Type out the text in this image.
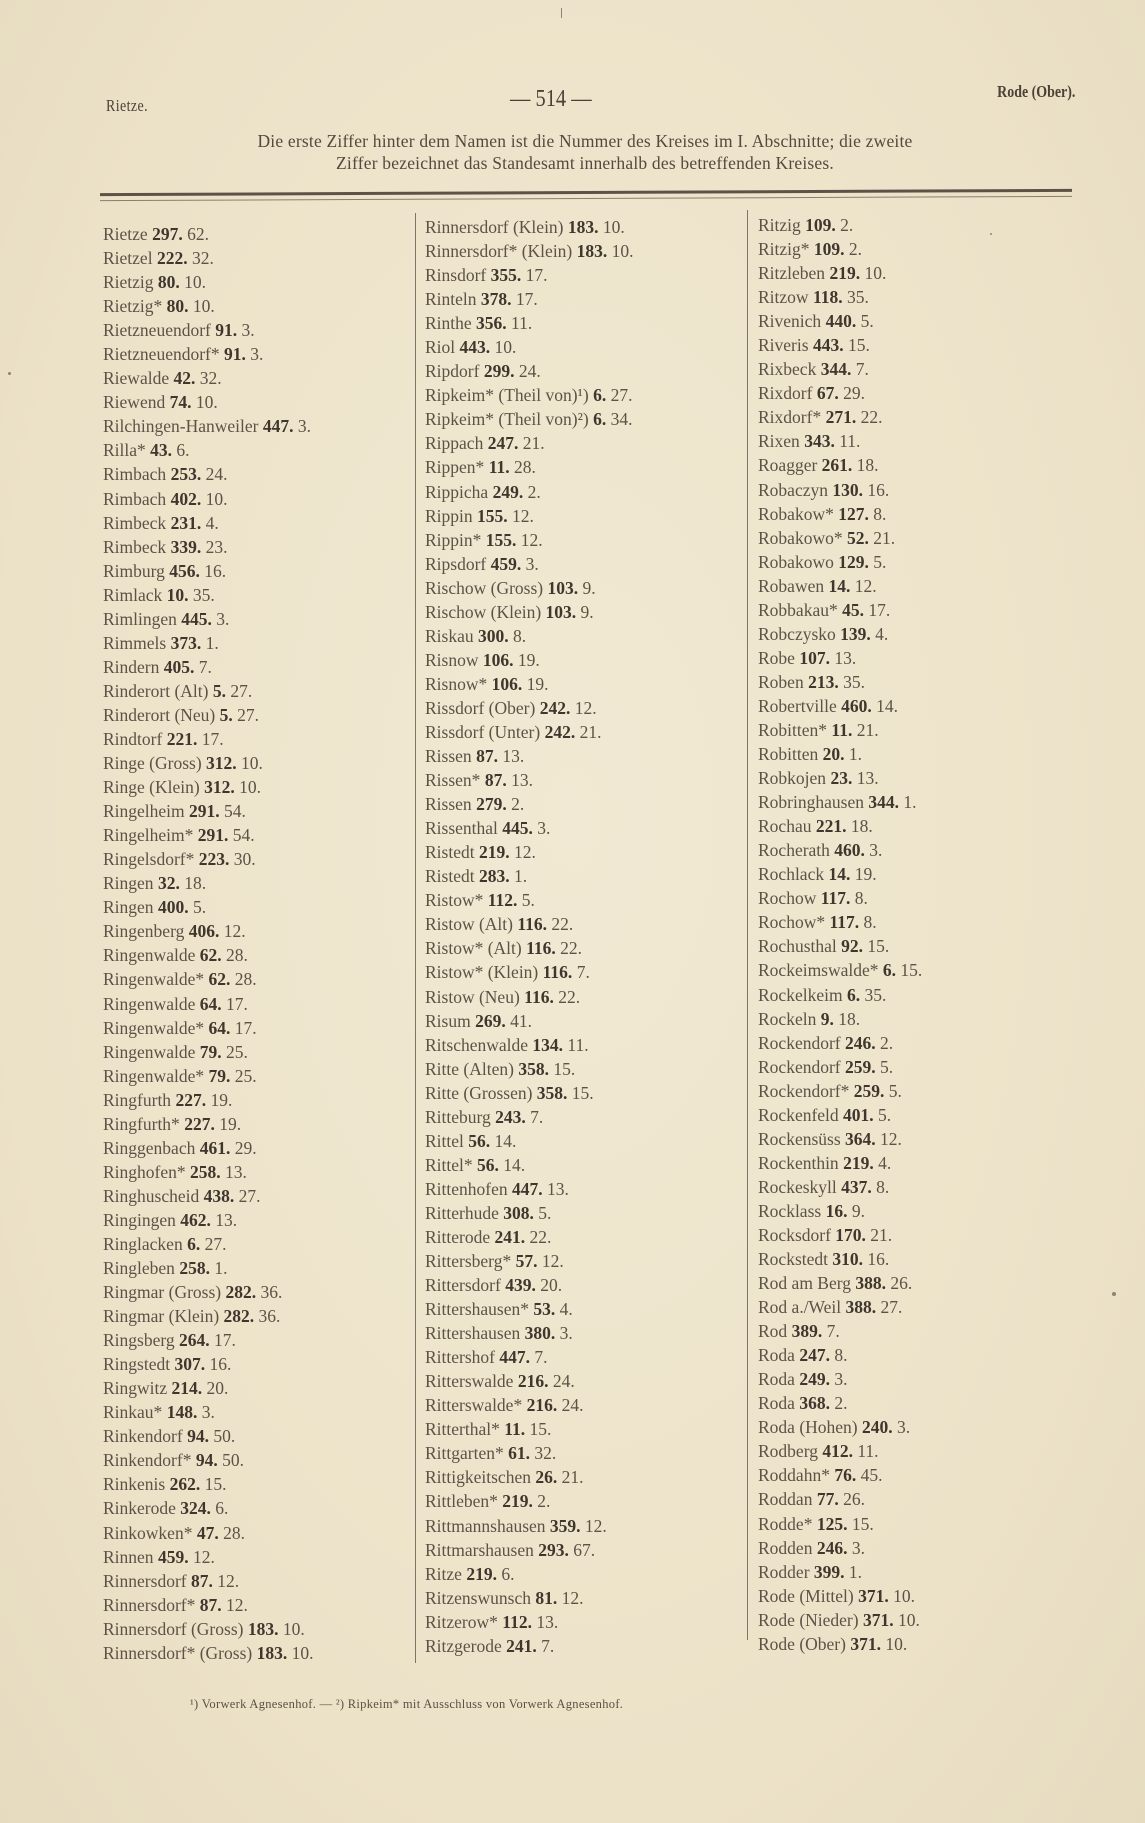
Rietze.	— 514 —	Rode (Ober).
Die erste Ziffer hinter dem Namen ist die Nummer des Kreises im I. Abschnitte; die zweite
Ziffer bezeichnet das Standesamt innerhalb des betreffenden Kreises.
Rietze 297. 62.
Rietzel 222. 32.
Rietzig 80. 10.
Rietzig* 80. 10.
Rietzneuendorf 91. 3.
Rietzneuendorf* 91. 3.
Riewalde 42. 32.
Riewend 74. 10.
Rilchingen-Hanweiler 447. 3.
Rilla* 43. 6.
Rimbach 253. 24.
Rimbach 402. 10.
Rimbeck 231. 4.
Rimbeck 339. 23.
Rimburg 456. 16.
Rimlack 10. 35.
Rimlingen 445. 3.
Rimmels 373. 1.
Rindern 405. 7.
Rinderort (Alt) 5. 27.
Rinderort (Neu) 5. 27.
Rindtorf 221. 17.
Ringe (Gross) 312. 10.
Ringe (Klein) 312. 10.
Ringelheim 291. 54.
Ringelheim* 291. 54.
Ringelsdorf* 223. 30.
Ringen 32. 18.
Ringen 400. 5.
Ringenberg 406. 12.
Ringenwalde 62. 28.
Ringenwalde* 62. 28.
Ringenwalde 64. 17.
Ringenwalde* 64. 17.
Ringenwalde 79. 25.
Ringenwalde* 79. 25.
Ringfurth 227. 19.
Ringfurth* 227. 19.
Ringgenbach 461. 29.
Ringhofen* 258. 13.
Ringhuscheid 438. 27.
Ringingen 462. 13.
Ringlacken 6. 27.
Ringleben 258. 1.
Ringmar (Gross) 282. 36.
Ringmar (Klein) 282. 36.
Ringsberg 264. 17.
Ringstedt 307. 16.
Ringwitz 214. 20.
Rinkau* 148. 3.
Rinkendorf 94. 50.
Rinkendorf* 94. 50.
Rinkenis 262. 15.
Rinkerode 324. 6.
Rinkowken* 47. 28.
Rinnen 459. 12.
Rinnersdorf 87. 12.
Rinnersdorf* 87. 12.
Rinnersdorf (Gross) 183. 10.
Rinnersdorf* (Gross) 183. 10.
Rinnersdorf (Klein) 183. 10.
Rinnersdorf* (Klein) 183. 10.
Rinsdorf 355. 17.
Rinteln 378. 17.
Rinthe 356. 11.
Riol 443. 10.
Ripdorf 299. 24.
Ripkeim* (Theil von)¹) 6. 27.
Ripkeim* (Theil von)²) 6. 34.
Rippach 247. 21.
Rippen* 11. 28.
Rippicha 249. 2.
Rippin 155. 12.
Rippin* 155. 12.
Ripsdorf 459. 3.
Rischow (Gross) 103. 9.
Rischow (Klein) 103. 9.
Riskau 300. 8.
Risnow 106. 19.
Risnow* 106. 19.
Rissdorf (Ober) 242. 12.
Rissdorf (Unter) 242. 21.
Rissen 87. 13.
Rissen* 87. 13.
Rissen 279. 2.
Rissenthal 445. 3.
Ristedt 219. 12.
Ristedt 283. 1.
Ristow* 112. 5.
Ristow (Alt) 116. 22.
Ristow* (Alt) 116. 22.
Ristow* (Klein) 116. 7.
Ristow (Neu) 116. 22.
Risum 269. 41.
Ritschenwalde 134. 11.
Ritte (Alten) 358. 15.
Ritte (Grossen) 358. 15.
Ritteburg 243. 7.
Rittel 56. 14.
Rittel* 56. 14.
Rittenhofen 447. 13.
Ritterhude 308. 5.
Ritterode 241. 22.
Rittersberg* 57. 12.
Rittersdorf 439. 20.
Rittershausen* 53. 4.
Rittershausen 380. 3.
Rittershof 447. 7.
Ritterswalde 216. 24.
Ritterswalde* 216. 24.
Ritterthal* 11. 15.
Rittgarten* 61. 32.
Rittigkeitschen 26. 21.
Rittleben* 219. 2.
Rittmannshausen 359. 12.
Rittmarshausen 293. 67.
Ritze 219. 6.
Ritzenswunsch 81. 12.
Ritzerow* 112. 13.
Ritzgerode 241. 7.
Ritzig 109. 2.
Ritzig* 109. 2.
Ritzleben 219. 10.
Ritzow 118. 35.
Rivenich 440. 5.
Riveris 443. 15.
Rixbeck 344. 7.
Rixdorf 67. 29.
Rixdorf* 271. 22.
Rixen 343. 11.
Roagger 261. 18.
Robaczyn 130. 16.
Robakow* 127. 8.
Robakowo* 52. 21.
Robakowo 129. 5.
Robawen 14. 12.
Robbakau* 45. 17.
Robczysko 139. 4.
Robe 107. 13.
Roben 213. 35.
Robertville 460. 14.
Robitten* 11. 21.
Robitten 20. 1.
Robkojen 23. 13.
Robringhausen 344. 1.
Rochau 221. 18.
Rocherath 460. 3.
Rochlack 14. 19.
Rochow 117. 8.
Rochow* 117. 8.
Rochusthal 92. 15.
Rockeimswalde* 6. 15.
Rockelkeim 6. 35.
Rockeln 9. 18.
Rockendorf 246. 2.
Rockendorf 259. 5.
Rockendorf* 259. 5.
Rockenfeld 401. 5.
Rockensüss 364. 12.
Rockenthin 219. 4.
Rockeskyll 437. 8.
Rocklass 16. 9.
Rocksdorf 170. 21.
Rockstedt 310. 16.
Rod am Berg 388. 26.
Rod a./Weil 388. 27.
Rod 389. 7.
Roda 247. 8.
Roda 249. 3.
Roda 368. 2.
Roda (Hohen) 240. 3.
Rodberg 412. 11.
Roddahn* 76. 45.
Roddan 77. 26.
Rodde* 125. 15.
Rodden 246. 3.
Rodder 399. 1.
Rode (Mittel) 371. 10.
Rode (Nieder) 371. 10.
Rode (Ober) 371. 10.
¹) Vorwerk Agnesenhof. — ²) Ripkeim* mit Ausschluss von Vorwerk Agnesenhof.
